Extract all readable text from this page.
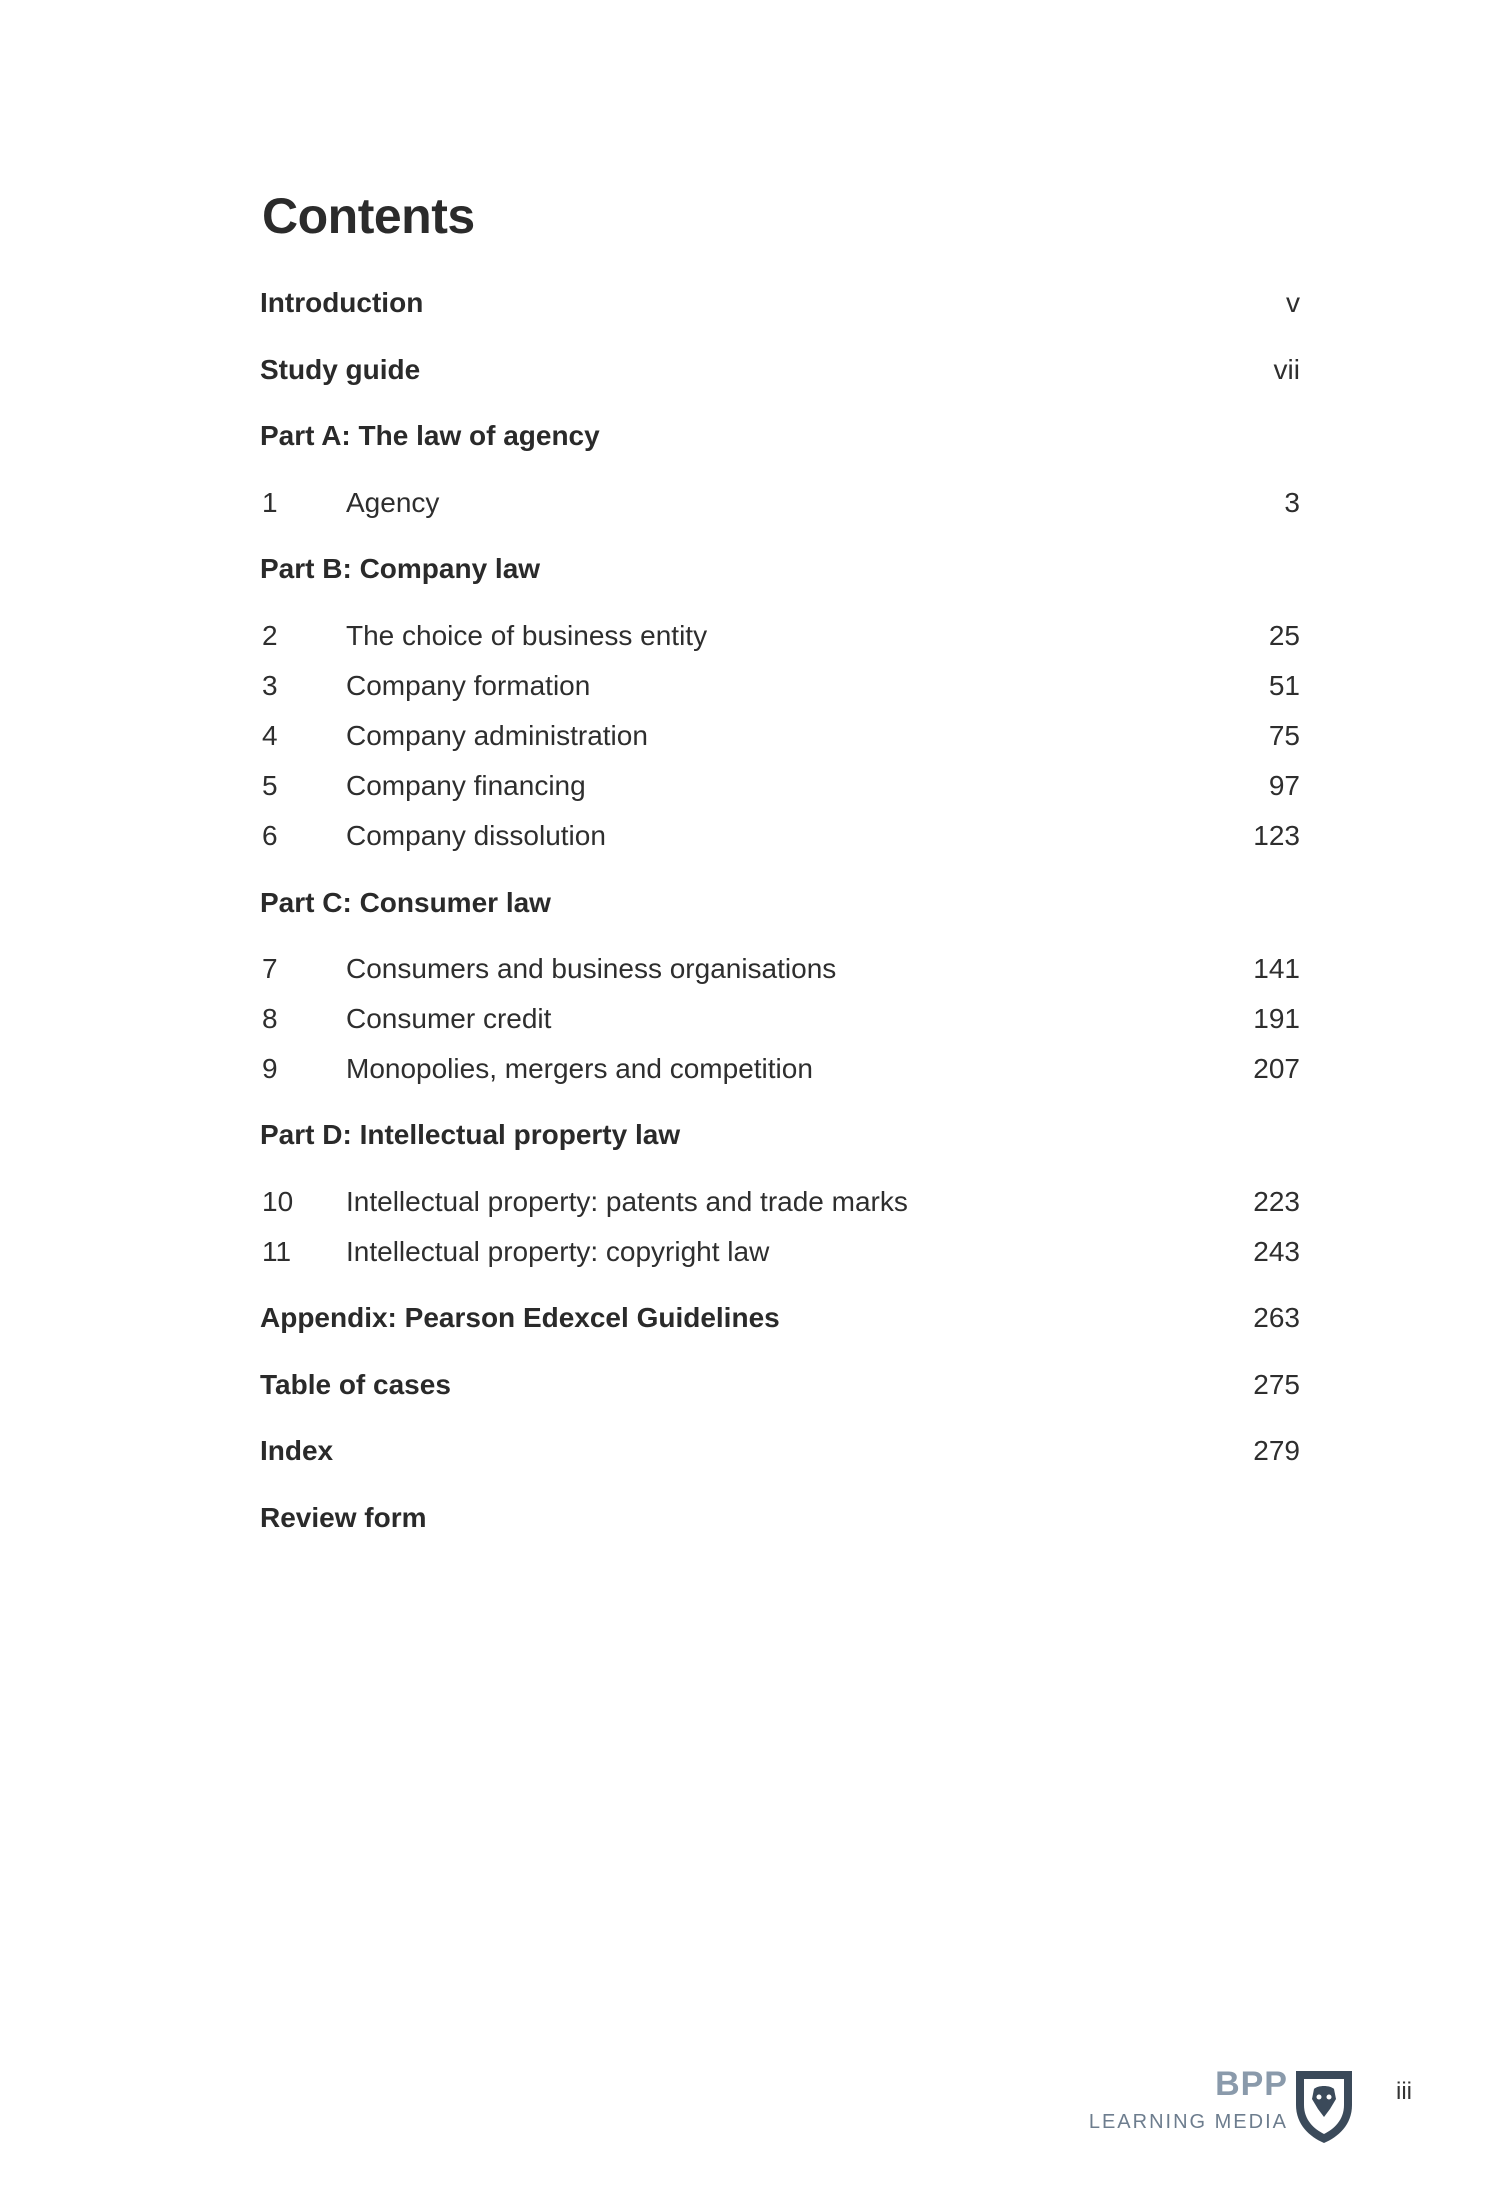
Contents
Introduction	v
Study guide	vii
Part A: The law of agency
1 Agency	3
Part B: Company law
2 The choice of business entity	25
3 Company formation	51
4 Company administration	75
5 Company financing	97
6 Company dissolution	123
Part C: Consumer law
7 Consumers and business organisations	141
8 Consumer credit	191
9 Monopolies, mergers and competition	207
Part D: Intellectual property law
10 Intellectual property: patents and trade marks	223
11 Intellectual property: copyright law	243
Appendix: Pearson Edexcel Guidelines	263
Table of cases	275
Index	279
Review form
BPP
LEARNING MEDIA
iii
